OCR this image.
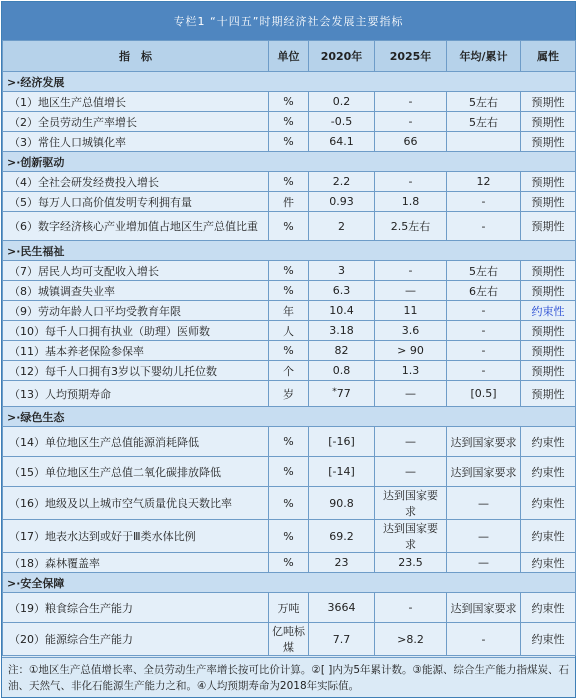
专栏1 “十四五”时期经济社会发展主要指标
指　标	单位	2020年	2025年	年均/累计	属性
>·经济发展					
（1）地区生产总值增长	%	0.2	-	5左右	预期性
（2）全员劳动生产率增长	%	-0.5	-	5左右	预期性
（3）常住人口城镇化率	%	64.1	66		预期性
>·创新驱动					
（4）全社会研发经费投入增长	%	2.2	-	12	预期性
（5）每万人口高价值发明专利拥有量	件	0.93	1.8	-	预期性
（6）数字经济核心产业增加值占地区生产总值比重	%	2	2.5左右	-	预期性
>·民生福祉					
（7）居民人均可支配收入增长	%	3	-	5左右	预期性
（8）城镇调查失业率	%	6.3	—	6左右	预期性
（9）劳动年龄人口平均受教育年限	年	10.4	11	-	约束性
（10）每千人口拥有执业（助理）医师数	人	3.18	3.6	-	预期性
（11）基本养老保险参保率	%	82	> 90	-	预期性
（12）每千人口拥有3岁以下婴幼儿托位数	个	0.8	1.3	-	预期性
（13）人均预期寿命	岁	*77	—	[0.5]	预期性
>·绿色生态					
（14）单位地区生产总值能源消耗降低	%	[-16]	—	达到国家要求	约束性
（15）单位地区生产总值二氧化碳排放降低	%	[-14]	—	达到国家要求	约束性
（16）地级及以上城市空气质量优良天数比率	%	90.8	达到国家要求	—	约束性
（17）地表水达到或好于Ⅲ类水体比例	%	69.2	达到国家要求	—	约束性
（18）森林覆盖率	%	23	23.5	—	约束性
>·安全保障					
（19）粮食综合生产能力	万吨	3664	-	达到国家要求	约束性
（20）能源综合生产能力	亿吨标煤	7.7	>8.2	-	约束性
注：①地区生产总值增长率、全员劳动生产率增长按可比价计算。②[ ]内为5年累计数。③能源、综合生产能力指煤炭、石油、天然气、非化石能源生产能力之和。④人均预期寿命为2018年实际值。
